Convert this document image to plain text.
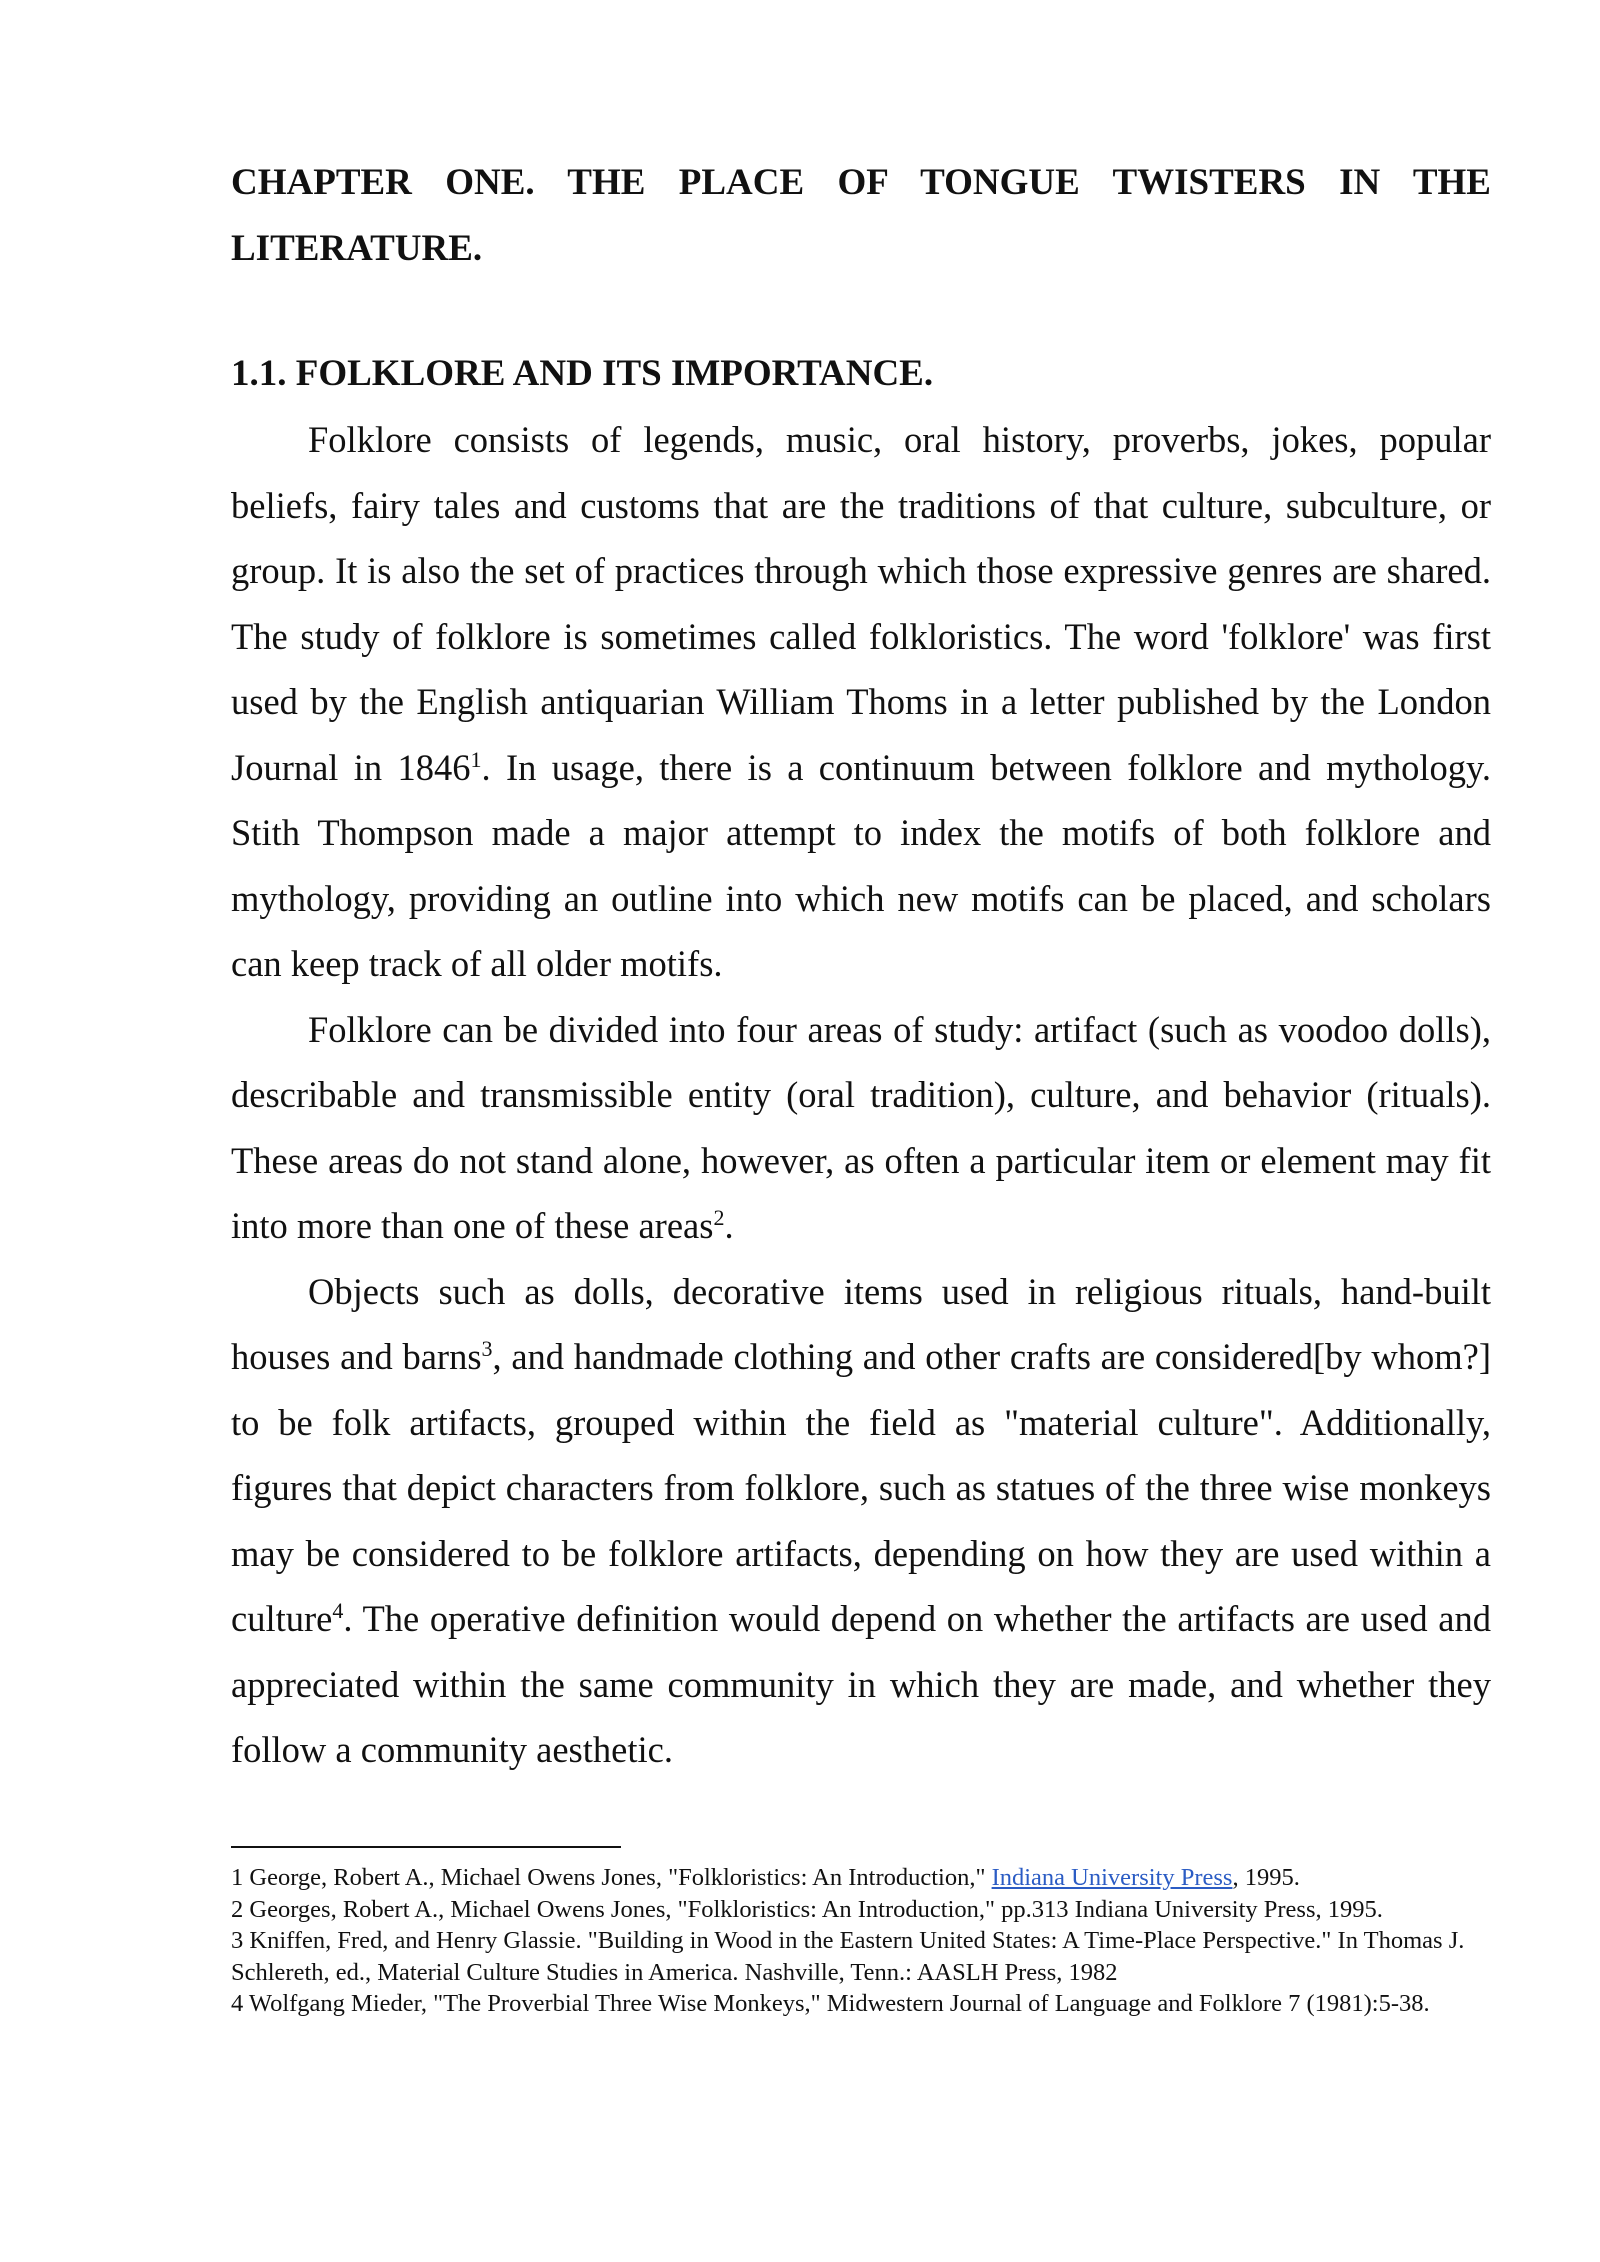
CHAPTER ONE. THE PLACE OF TONGUE TWISTERS IN THE
LITERATURE.
1.1. FOLKLORE AND ITS IMPORTANCE.

Folklore consists of legends, music, oral history, proverbs, jokes, popular beliefs, fairy tales and customs that are the traditions of that culture, subculture, or group. It is also the set of practices through which those expressive genres are shared. The study of folklore is sometimes called folkloristics. The word 'folklore' was first used by the English antiquarian William Thoms in a letter published by the London Journal in 1846$^1$. In usage, there is a continuum between folklore and mythology. Stith Thompson made a major attempt to index the motifs of both folklore and mythology, providing an outline into which new motifs can be placed, and scholars can keep track of all older motifs.

Folklore can be divided into four areas of study: artifact (such as voodoo dolls), describable and transmissible entity (oral tradition), culture, and behavior (rituals). These areas do not stand alone, however, as often a particular item or element may fit into more than one of these areas$^2$.

Objects such as dolls, decorative items used in religious rituals, hand-built houses and barns$^3$, and handmade clothing and other crafts are considered[by whom?] to be folk artifacts, grouped within the field as "material culture". Additionally, figures that depict characters from folklore, such as statues of the three wise monkeys may be considered to be folklore artifacts, depending on how they are used within a culture$^4$. The operative definition would depend on whether the artifacts are used and appreciated within the same community in which they are made, and whether they follow a community aesthetic.

1 George, Robert A., Michael Owens Jones, "Folkloristics: An Introduction," Indiana University Press, 1995.
2 Georges, Robert A., Michael Owens Jones, "Folkloristics: An Introduction," pp.313 Indiana University Press, 1995.
3 Kniffen, Fred, and Henry Glassie. "Building in Wood in the Eastern United States: A Time-Place Perspective." In Thomas J.
Schlereth, ed., Material Culture Studies in America. Nashville, Tenn.: AASLH Press, 1982
4 Wolfgang Mieder, "The Proverbial Three Wise Monkeys," Midwestern Journal of Language and Folklore 7 (1981):5-38.
